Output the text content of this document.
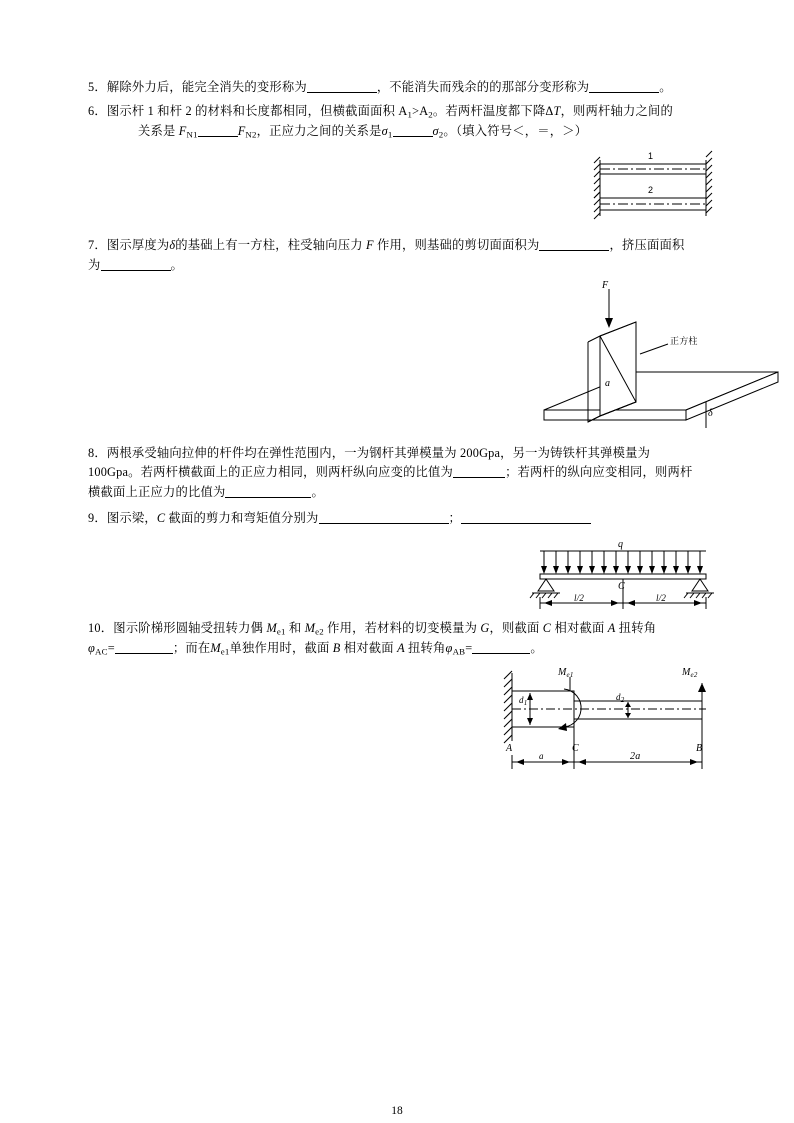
5．解除外力后，能完全消失的变形称为	，不能消失而残余的的那部分变形称为	。
6．图示杆 1 和杆 2 的材料和长度都相同，但横截面面积 $A_1>A_2$。若两杆温度都下降ΔT，则两杆轴力之间的
关系是 $F_{N1}$	$F_{N2}$，正应力之间的关系是$\sigma_1$	$\sigma_2$。（填入符号＜，＝，＞）
1
2
7．图示厚度为δ的基础上有一方柱，柱受轴向压力 F 作用，则基础的剪切面面积为	，挤压面面积
为	。
F
正方柱
a
δ
8．两根承受轴向拉伸的杆件均在弹性范围内，一为钢杆其弹模量为 200Gpa，另一为铸铁杆其弹模量为
100Gpa。若两杆横截面上的正应力相同，则两杆纵向应变的比值为	；若两杆的纵向应变相同，则两杆
横截面上正应力的比值为	。
9．图示梁，C 截面的剪力和弯矩值分别为	；
q
C
l/2	l/2
10．图示阶梯形圆轴受扭转力偶 $M_{e1}$ 和 $M_{e2}$ 作用，若材料的切变模量为 G，则截面 C 相对截面 A 扭转角
$\varphi_{AC}=$	；而在$M_{e1}$单独作用时，截面 B 相对截面 A 扭转角$\varphi_{AB}=$	。
$M_{e1}$	$M_{e2}$
$d_1$
$d_2$
A	C	B
a	2a
18
